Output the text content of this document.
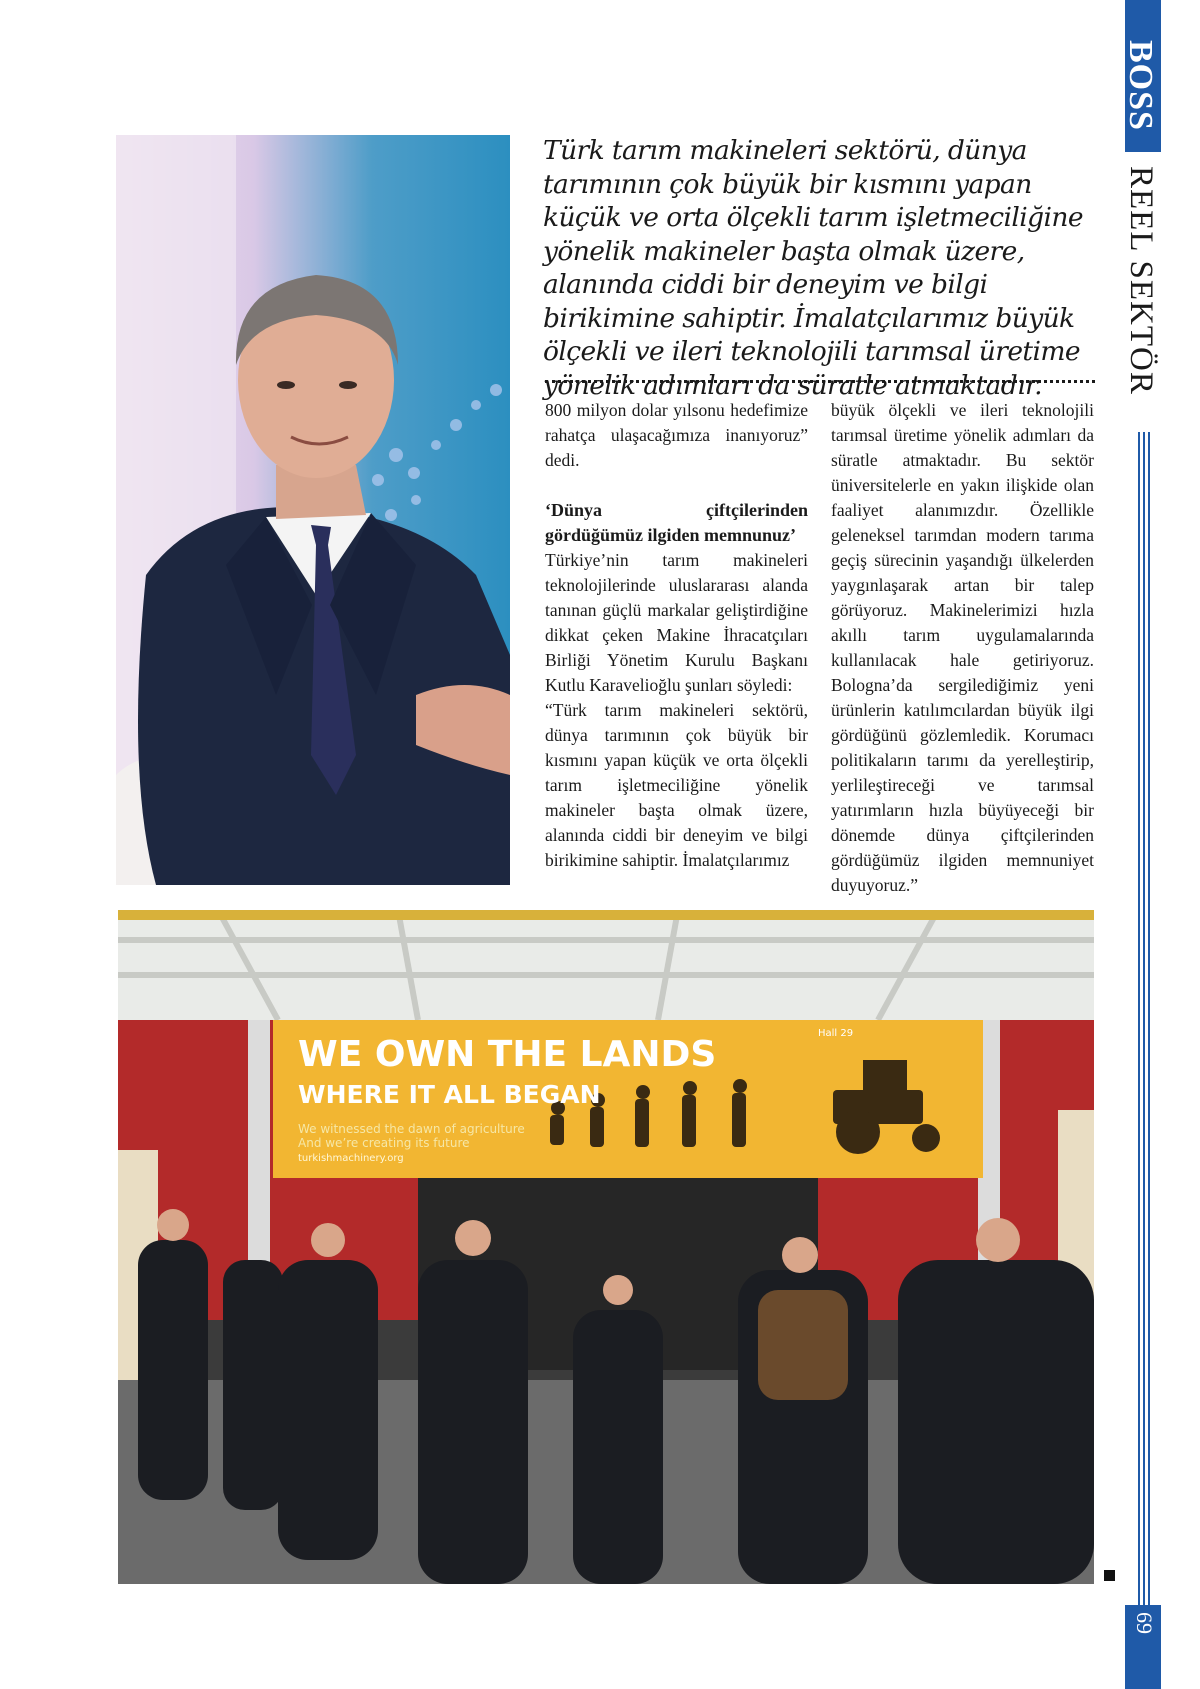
BOSS
REEL SEKTÖR
69
Türk tarım makineleri sektörü, dünya tarımının çok büyük bir kısmını yapan küçük ve orta ölçekli tarım işletmeciliğine yönelik makineler başta olmak üzere, alanında ciddi bir deneyim ve bilgi birikimine sahiptir. İmalatçılarımız büyük ölçekli ve ileri teknolojili tarımsal üretime yönelik adımları da süratle atmaktadır.

800 milyon dolar yılsonu hedefimize rahatça ulaşacağımıza inanıyoruz” dedi.

‘Dünya çiftçilerinden gördüğümüz ilgiden memnunuz’

Türkiye’nin tarım makineleri teknolojilerinde uluslararası alanda tanınan güçlü markalar geliştirdiğine dikkat çeken Makine İhracatçıları Birliği Yönetim Kurulu Başkanı Kutlu Karavelioğlu şunları söyledi:

“Türk tarım makineleri sektörü, dünya tarımının çok büyük bir kısmını yapan küçük ve orta ölçekli tarım işletmeciliğine yönelik makineler başta olmak üzere, alanında ciddi bir deneyim ve bilgi birikimine sahiptir. İmalatçılarımız

büyük ölçekli ve ileri teknolojili tarımsal üretime yönelik adımları da süratle atmaktadır. Bu sektör üniversitelerle en yakın ilişkide olan faaliyet alanımızdır. Özellikle geleneksel tarımdan modern tarıma geçiş sürecinin yaşandığı ülkelerden yaygınlaşarak artan bir talep görüyoruz. Makinelerimizi hızla akıllı tarım uygulamalarında kullanılacak hale getiriyoruz. Bologna’da sergilediğimiz yeni ürünlerin katılımcılardan büyük ilgi gördüğünü gözlemledik. Korumacı politikaların tarımı da yerelleştirip, yerlileştireceği ve tarımsal yatırımların hızla büyüyeceği bir dönemde dünya çiftçilerinden gördüğümüz ilgiden memnuniyet duyuyoruz.”

WE OWN THE LANDS
WHERE IT ALL BEGAN
We witnessed the dawn of agriculture
And we’re creating its future
turkishmachinery.org
Hall 29
